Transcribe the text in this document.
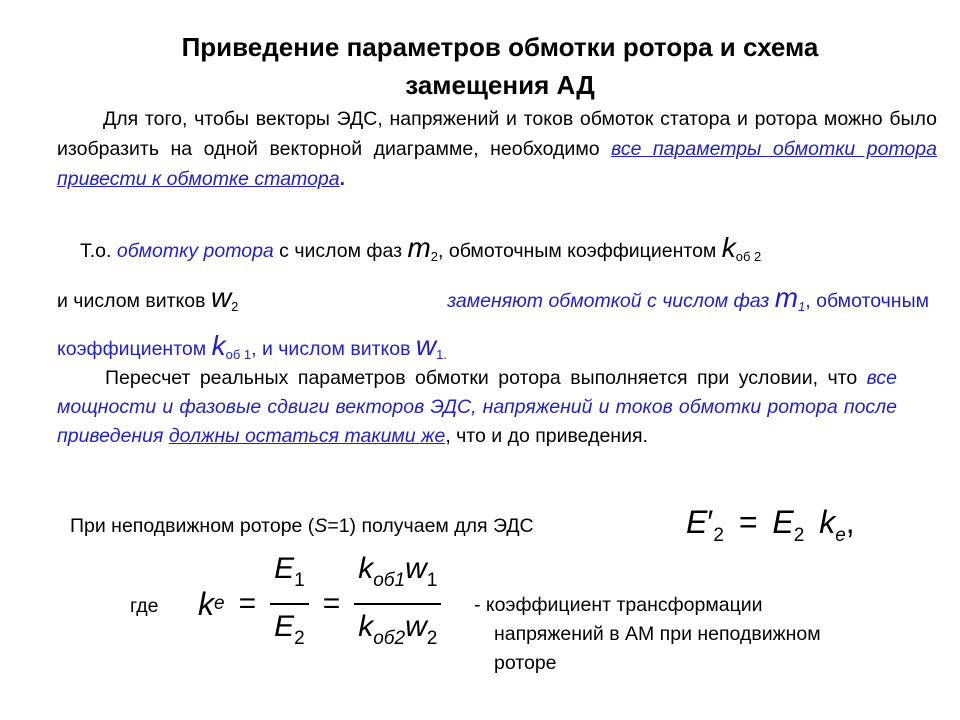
Приведение параметров обмотки ротора и схема
замещения АД
Для того, чтобы векторы ЭДС, напряжений и токов обмоток статора и ротора можно было изобразить на одной векторной диаграмме, необходимо все параметры обмотки ротора привести к обмотке статора.
Т.о. обмотку ротора с числом фаз $m_2$, обмоточным коэффициентом $k_{об 2}$
и числом витков $w_2$	заменяют обмоткой с числом фаз $m_1$, обмоточным
коэффициентом $k_{об 1}$, и числом витков $w_{1.}$
Пересчет реальных параметров обмотки ротора выполняется при условии, что все мощности и фазовые сдвиги векторов ЭДС, напряжений и токов обмотки ротора после приведения должны остаться такими же, что и до приведения.
При неподвижном роторе (S=1) получаем для ЭДС	$E'_2 = E_2$ $k_e$,
где k $e = \frac{E_1}{E_2} = \frac{k_{об1}w_1}{k_{об2}w_2}$ - коэффициент трансформации
напряжений в АМ при неподвижном
роторе
